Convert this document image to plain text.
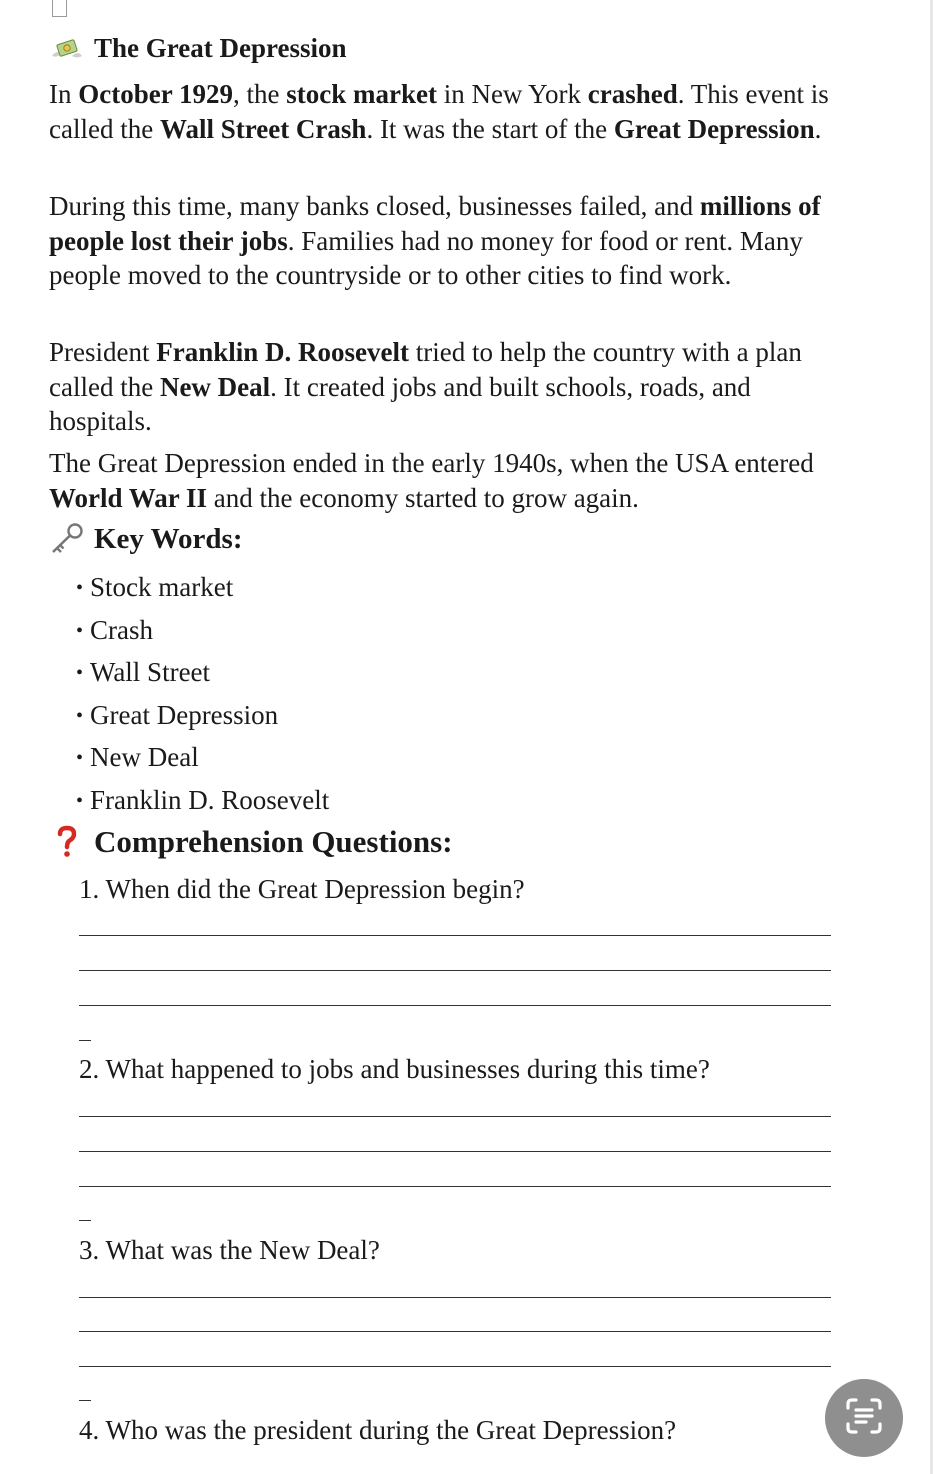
The Great Depression

In October 1929, the stock market in New York crashed. This event is called the Wall Street Crash. It was the start of the Great Depression.

During this time, many banks closed, businesses failed, and millions of people lost their jobs. Families had no money for food or rent. Many people moved to the countryside or to other cities to find work.

President Franklin D. Roosevelt tried to help the country with a plan called the New Deal. It created jobs and built schools, roads, and hospitals.

The Great Depression ended in the early 1940s, when the USA entered World War II and the economy started to grow again.

Key Words:
• Stock market
• Crash
• Wall Street
• Great Depression
• New Deal
• Franklin D. Roosevelt
Comprehension Questions:
1. When did the Great Depression begin?
2. What happened to jobs and businesses during this time?
3. What was the New Deal?
4. Who was the president during the Great Depression?
